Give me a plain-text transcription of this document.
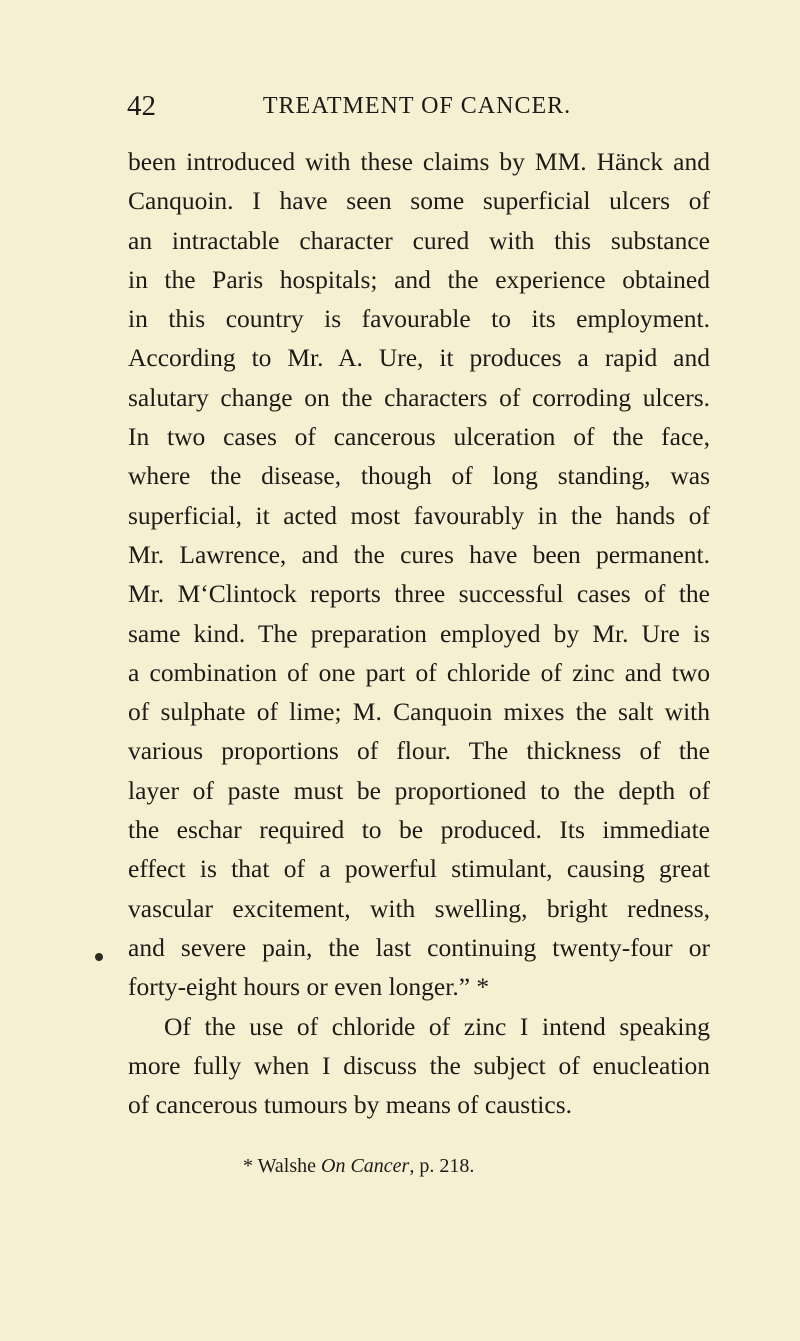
42	TREATMENT OF CANCER.
been introduced with these claims by MM. Hänck and
Canquoin. I have seen some superficial ulcers of
an intractable character cured with this substance
in the Paris hospitals; and the experience obtained
in this country is favourable to its employment.
According to Mr. A. Ure, it produces a rapid and
salutary change on the characters of corroding ulcers.
In two cases of cancerous ulceration of the face,
where the disease, though of long standing, was
superficial, it acted most favourably in the hands of
Mr. Lawrence, and the cures have been permanent.
Mr. M‘Clintock reports three successful cases of the
same kind. The preparation employed by Mr. Ure is
a combination of one part of chloride of zinc and two
of sulphate of lime; M. Canquoin mixes the salt with
various proportions of flour. The thickness of the
layer of paste must be proportioned to the depth of
the eschar required to be produced. Its immediate
effect is that of a powerful stimulant, causing great
vascular excitement, with swelling, bright redness,
and severe pain, the last continuing twenty-four or
forty-eight hours or even longer.” *
Of the use of chloride of zinc I intend speaking
more fully when I discuss the subject of enucleation
of cancerous tumours by means of caustics.
* Walshe On Cancer, p. 218.
